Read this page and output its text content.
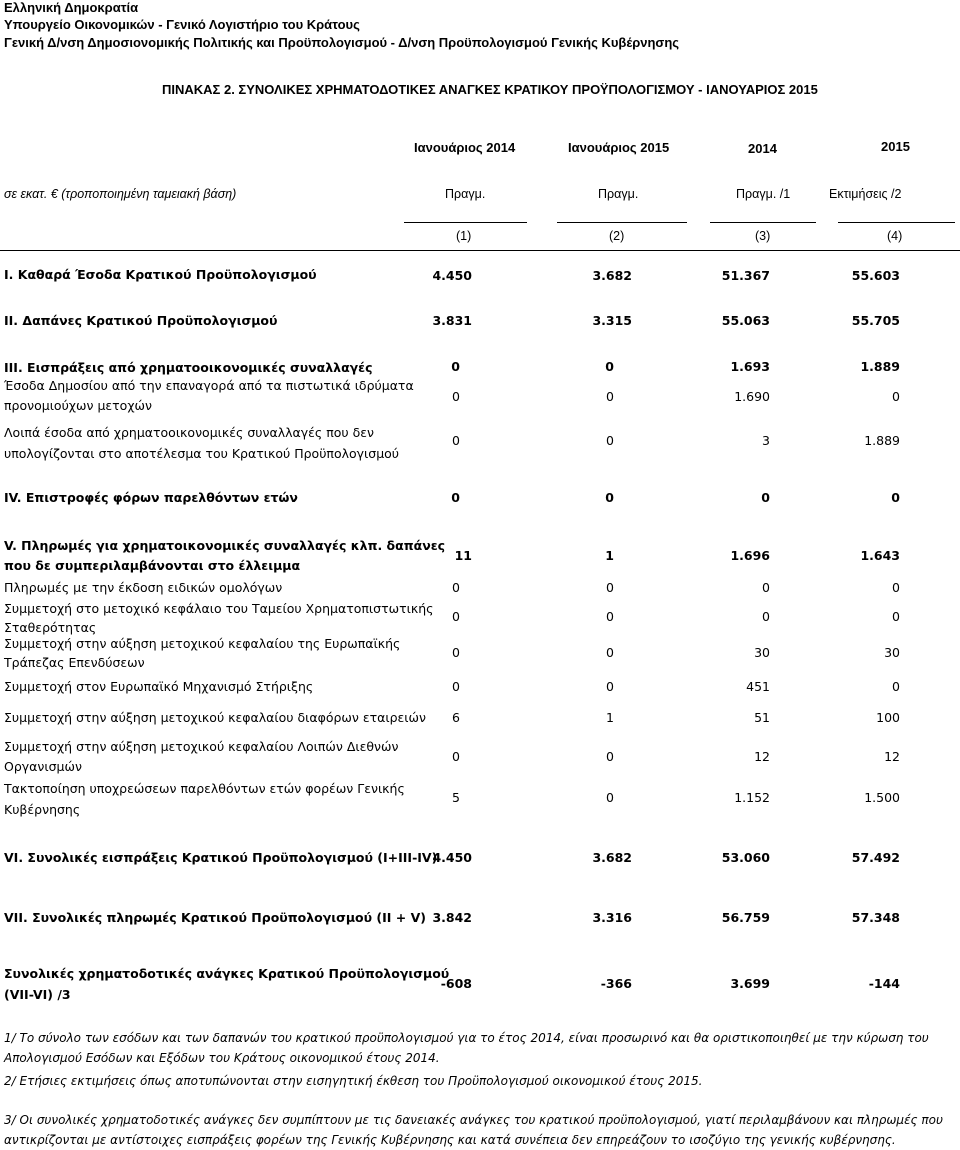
Ελληνική Δημοκρατία
Υπουργείο Οικονομικών - Γενικό Λογιστήριο του Κράτους
Γενική Δ/νση Δημοσιονομικής Πολιτικής και Προϋπολογισμού - Δ/νση Προϋπολογισμού Γενικής Κυβέρνησης
ΠΙΝΑΚΑΣ 2. ΣΥΝΟΛΙΚΕΣ ΧΡΗΜΑΤΟΔΟΤΙΚΕΣ ΑΝΑΓΚΕΣ ΚΡΑΤΙΚΟΥ ΠΡΟΫΠΟΛΟΓΙΣΜΟΥ - ΙΑΝΟΥΑΡΙΟΣ 2015
Ιανουάριος 2014	Ιανουάριος 2015	2014	2015
σε εκατ. € (τροποποιημένη ταμειακή βάση)	Πραγμ.	Πραγμ.	Πραγμ. /1	Εκτιμήσεις /2
(1)	(2)	(3)	(4)
Ι. Καθαρά Έσοδα Κρατικού Προϋπολογισμού	4.450	3.682	51.367	55.603
ΙΙ. Δαπάνες Κρατικού Προϋπολογισμού	3.831	3.315	55.063	55.705
ΙΙΙ. Εισπράξεις από χρηματοοικονομικές συναλλαγές	0	0	1.693	1.889
Έσοδα Δημοσίου από την επαναγορά από τα πιστωτικά ιδρύματα
προνομιούχων μετοχών
0	0	1.690	0
Λοιπά έσοδα από χρηματοοικονομικές συναλλαγές που δεν
υπολογίζονται στο αποτέλεσμα του Κρατικού Προϋπολογισμού
0	0	3	1.889
IV. Επιστροφές φόρων παρελθόντων ετών	0	0	0	0
V. Πληρωμές για χρηματοικονομικές συναλλαγές κλπ. δαπάνες
που δε συμπεριλαμβάνονται στο έλλειμμα
11	1	1.696	1.643
Πληρωμές με την έκδοση ειδικών ομολόγων	0	0	0	0
Συμμετοχή στο μετοχικό κεφάλαιο του Ταμείου Χρηματοπιστωτικής
Σταθερότητας
0	0	0	0
Συμμετοχή στην αύξηση μετοχικού κεφαλαίου της Ευρωπαϊκής
Τράπεζας Επενδύσεων
0	0	30	30
Συμμετοχή στον Ευρωπαϊκό Μηχανισμό Στήριξης	0	0	451	0
Συμμετοχή στην αύξηση μετοχικού κεφαλαίου διαφόρων εταιρειών	6	1	51	100
Συμμετοχή στην αύξηση μετοχικού κεφαλαίου Λοιπών Διεθνών
Οργανισμών
0	0	12	12
Τακτοποίηση υποχρεώσεων παρελθόντων ετών φορέων Γενικής
Κυβέρνησης
5	0	1.152	1.500
VI. Συνολικές εισπράξεις Κρατικού Προϋπολογισμού (Ι+ΙΙΙ-IV)
4.450	3.682	53.060	57.492
VII. Συνολικές πληρωμές Κρατικού Προϋπολογισμού (ΙΙ + V) 3.842	3.316	56.759	57.348
Συνολικές χρηματοδοτικές ανάγκες Κρατικού Προϋπολογισμού
(VII-VI) /3
-608	-366	3.699	-144
1/ Το σύνολο των εσόδων και των δαπανών του κρατικού προϋπολογισμού για το έτος 2014, είναι προσωρινό και θα οριστικοποιηθεί με την κύρωση του Απολογισμού Εσόδων και Εξόδων του Κράτους οικονομικού έτους 2014.
2/ Ετήσιες εκτιμήσεις όπως αποτυπώνονται στην εισηγητική έκθεση του Προϋπολογισμού οικονομικού έτους 2015.
3/ Οι συνολικές χρηματοδοτικές ανάγκες δεν συμπίπτουν με τις δανειακές ανάγκες του κρατικού προϋπολογισμού, γιατί περιλαμβάνουν και πληρωμές που αντικρίζονται με αντίστοιχες εισπράξεις φορέων της Γενικής Κυβέρνησης και κατά συνέπεια δεν επηρεάζουν το ισοζύγιο της γενικής κυβέρνησης.
